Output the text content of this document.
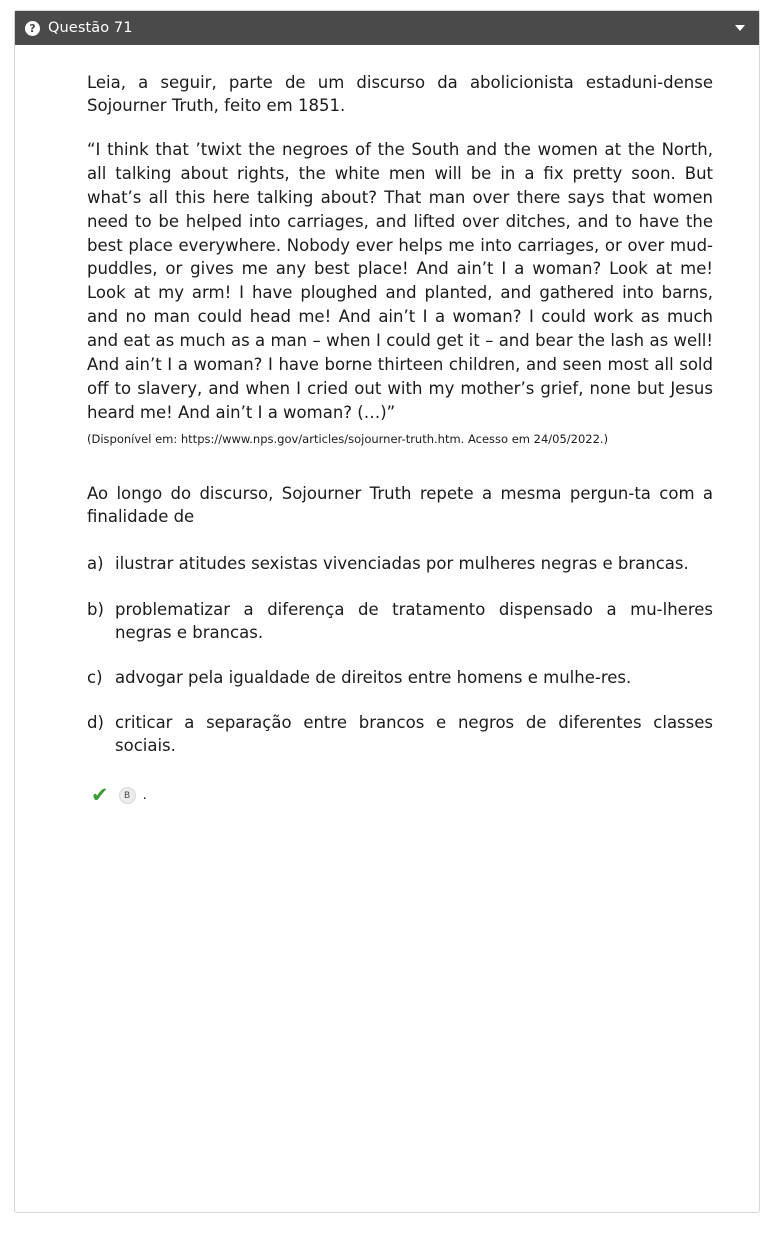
? Questão 71

Leia, a seguir, parte de um discurso da abolicionista estaduni-dense Sojourner Truth, feito em 1851.

“I think that ’twixt the negroes of the South and the women at the North, all talking about rights, the white men will be in a fix pretty soon. But what’s all this here talking about? That man over there says that women need to be helped into carriages, and lifted over ditches, and to have the best place everywhere. Nobody ever helps me into carriages, or over mud-puddles, or gives me any best place! And ain’t I a woman? Look at me! Look at my arm! I have ploughed and planted, and gathered into barns, and no man could head me! And ain’t I a woman? I could work as much and eat as much as a man – when I could get it – and bear the lash as well! And ain’t I a woman? I have borne thirteen children, and seen most all sold off to slavery, and when I cried out with my mother’s grief, none but Jesus heard me! And ain’t I a woman? (…)”

(Disponível em: https://www.nps.gov/articles/sojourner-truth.htm. Acesso em 24/05/2022.)

Ao longo do discurso, Sojourner Truth repete a mesma pergun-ta com a finalidade de

a) ilustrar atitudes sexistas vivenciadas por mulheres negras e brancas.
b) problematizar a diferença de tratamento dispensado a mu-lheres negras e brancas.
c) advogar pela igualdade de direitos entre homens e mulhe-res.
d) criticar a separação entre brancos e negros de diferentes classes sociais.
✔	B .
